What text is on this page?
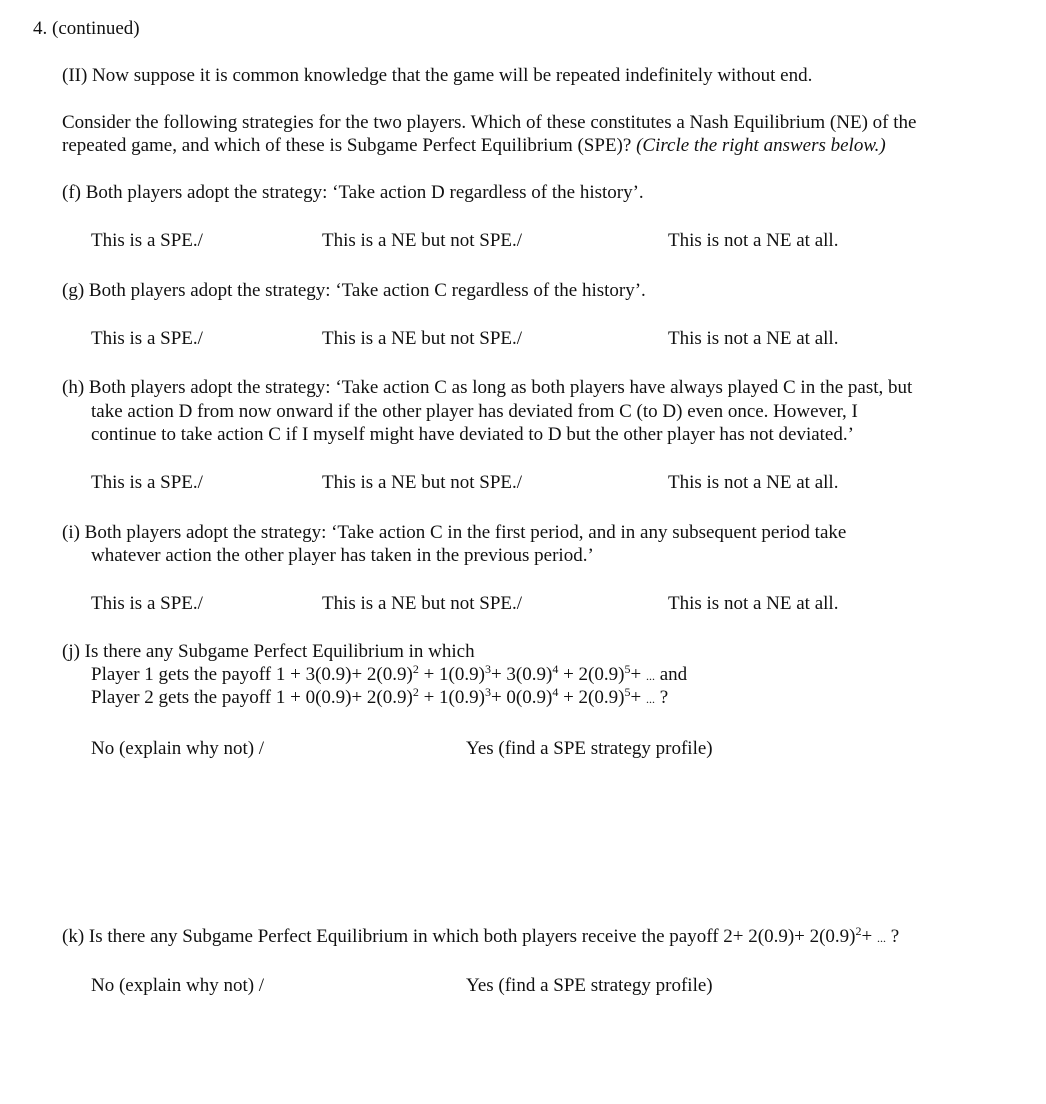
4. (continued)
(II) Now suppose it is common knowledge that the game will be repeated indefinitely without end.
Consider the following strategies for the two players. Which of these constitutes a Nash Equilibrium (NE) of the
repeated game, and which of these is Subgame Perfect Equilibrium (SPE)? (Circle the right answers below.)
(f) Both players adopt the strategy: ‘Take action D regardless of the history’.
This is a SPE./	This is a NE but not SPE./	This is not a NE at all.
(g) Both players adopt the strategy: ‘Take action C regardless of the history’.
This is a SPE./	This is a NE but not SPE./	This is not a NE at all.
(h) Both players adopt the strategy: ‘Take action C as long as both players have always played C in the past, but
take action D from now onward if the other player has deviated from C (to D) even once. However, I
continue to take action C if I myself might have deviated to D but the other player has not deviated.’
This is a SPE./	This is a NE but not SPE./	This is not a NE at all.
(i) Both players adopt the strategy: ‘Take action C in the first period, and in any subsequent period take
whatever action the other player has taken in the previous period.’
This is a SPE./	This is a NE but not SPE./	This is not a NE at all.
(j) Is there any Subgame Perfect Equilibrium in which
Player 1 gets the payoff $1 + 3(0.9)+ 2(0.9)^2 + 1(0.9)^3+ 3(0.9)^4 + 2(0.9)^5+$ ... and
Player 2 gets the payoff $1 + 0(0.9)+ 2(0.9)^2 + 1(0.9)^3+ 0(0.9)^4 + 2(0.9)^5+$ ... ?
No (explain why not) /	Yes (find a SPE strategy profile)
(k) Is there any Subgame Perfect Equilibrium in which both players receive the payoff $2+ 2(0.9)+ 2(0.9)^2+$ ... ?
No (explain why not) /	Yes (find a SPE strategy profile)
